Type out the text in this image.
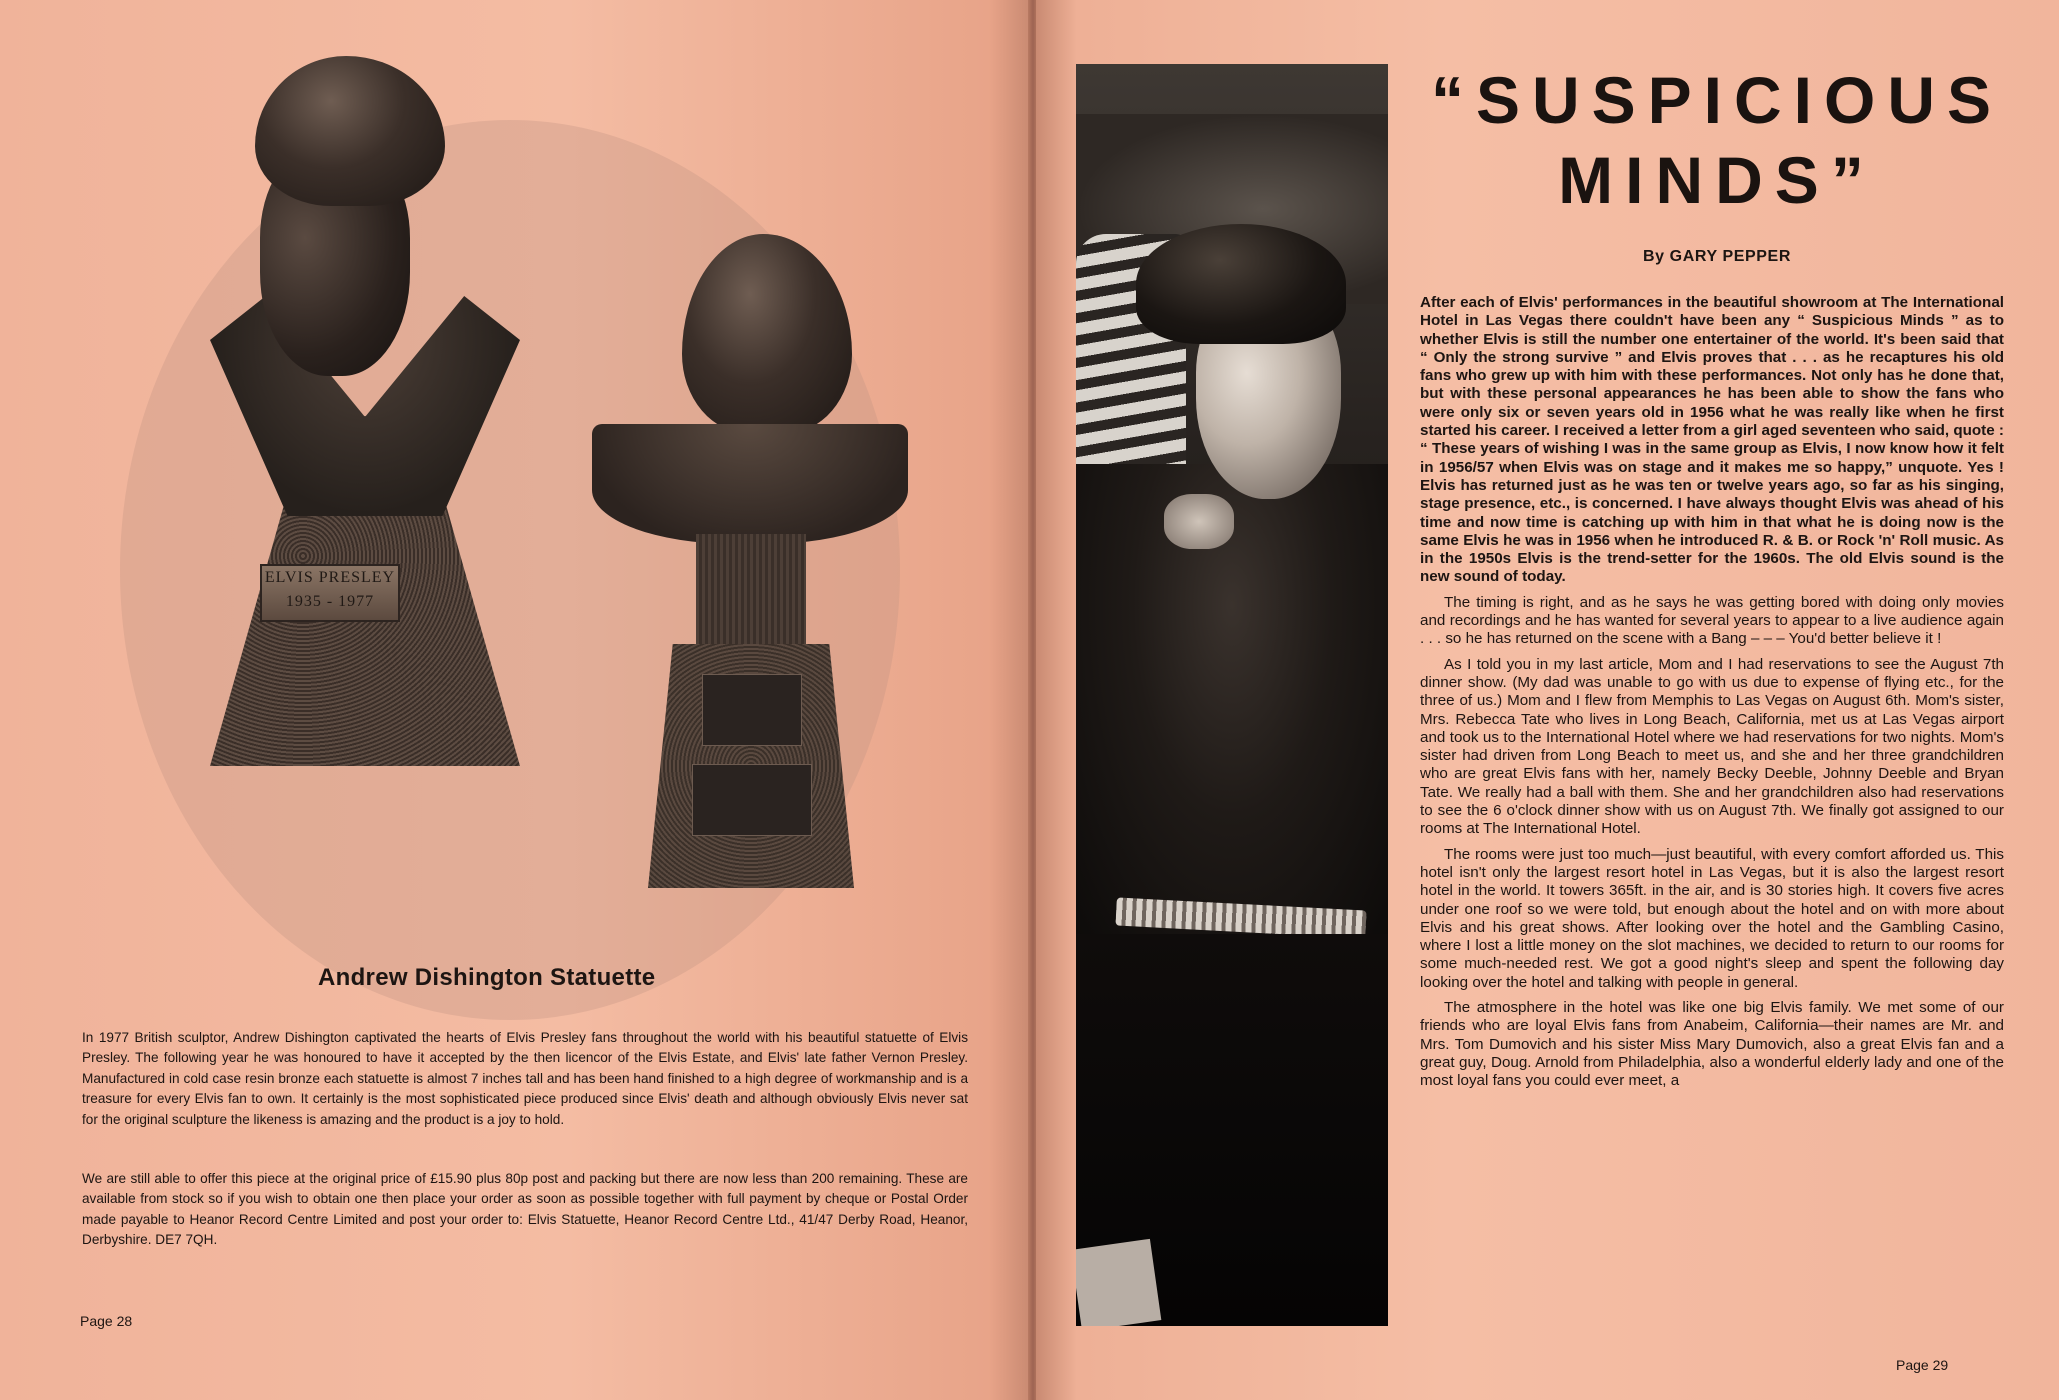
ELVIS PRESLEY
1935 - 1977
Andrew Dishington Statuette

In 1977 British sculptor, Andrew Dishington captivated the hearts of Elvis Presley fans throughout the world with his beautiful statuette of Elvis Presley. The following year he was honoured to have it accepted by the then licencor of the Elvis Estate, and Elvis' late father Vernon Presley. Manufactured in cold case resin bronze each statuette is almost 7 inches tall and has been hand finished to a high degree of workmanship and is a treasure for every Elvis fan to own. It certainly is the most sophisticated piece produced since Elvis' death and although obviously Elvis never sat for the original sculpture the likeness is amazing and the product is a joy to hold.

We are still able to offer this piece at the original price of £15.90 plus 80p post and packing but there are now less than 200 remaining. These are available from stock so if you wish to obtain one then place your order as soon as possible together with full payment by cheque or Postal Order made payable to Heanor Record Centre Limited and post your order to: Elvis Statuette, Heanor Record Centre Ltd., 41/47 Derby Road, Heanor, Derbyshire. DE7 7QH.

Page 28

“SUSPICIOUS
MINDS”

By GARY PEPPER

After each of Elvis' performances in the beautiful showroom at The International Hotel in Las Vegas there couldn't have been any “ Suspicious Minds ” as to whether Elvis is still the number one entertainer of the world. It's been said that “ Only the strong survive ” and Elvis proves that . . . as he recaptures his old fans who grew up with him with these performances. Not only has he done that, but with these personal appearances he has been able to show the fans who were only six or seven years old in 1956 what he was really like when he first started his career. I received a letter from a girl aged seventeen who said, quote : “ These years of wishing I was in the same group as Elvis, I now know how it felt in 1956/57 when Elvis was on stage and it makes me so happy,” unquote. Yes ! Elvis has returned just as he was ten or twelve years ago, so far as his singing, stage presence, etc., is concerned. I have always thought Elvis was ahead of his time and now time is catching up with him in that what he is doing now is the same Elvis he was in 1956 when he introduced R. & B. or Rock 'n' Roll music. As in the 1950s Elvis is the trend-setter for the 1960s. The old Elvis sound is the new sound of today.

The timing is right, and as he says he was getting bored with doing only movies and recordings and he has wanted for several years to appear to a live audience again . . . so he has returned on the scene with a Bang – – – You'd better believe it !

As I told you in my last article, Mom and I had reservations to see the August 7th dinner show. (My dad was unable to go with us due to expense of flying etc., for the three of us.) Mom and I flew from Memphis to Las Vegas on August 6th. Mom's sister, Mrs. Rebecca Tate who lives in Long Beach, California, met us at Las Vegas airport and took us to the International Hotel where we had reservations for two nights. Mom's sister had driven from Long Beach to meet us, and she and her three grandchildren who are great Elvis fans with her, namely Becky Deeble, Johnny Deeble and Bryan Tate. We really had a ball with them. She and her grandchildren also had reservations to see the 6 o'clock dinner show with us on August 7th. We finally got assigned to our rooms at The International Hotel.

The rooms were just too much—just beautiful, with every comfort afforded us. This hotel isn't only the largest resort hotel in Las Vegas, but it is also the largest resort hotel in the world. It towers 365ft. in the air, and is 30 stories high. It covers five acres under one roof so we were told, but enough about the hotel and on with more about Elvis and his great shows. After looking over the hotel and the Gambling Casino, where I lost a little money on the slot machines, we decided to return to our rooms for some much-needed rest. We got a good night's sleep and spent the following day looking over the hotel and talking with people in general.

The atmosphere in the hotel was like one big Elvis family. We met some of our friends who are loyal Elvis fans from Anabeim, California—their names are Mr. and Mrs. Tom Dumovich and his sister Miss Mary Dumovich, also a great Elvis fan and a great guy, Doug. Arnold from Philadelphia, also a wonderful elderly lady and one of the most loyal fans you could ever meet, a

Page 29
